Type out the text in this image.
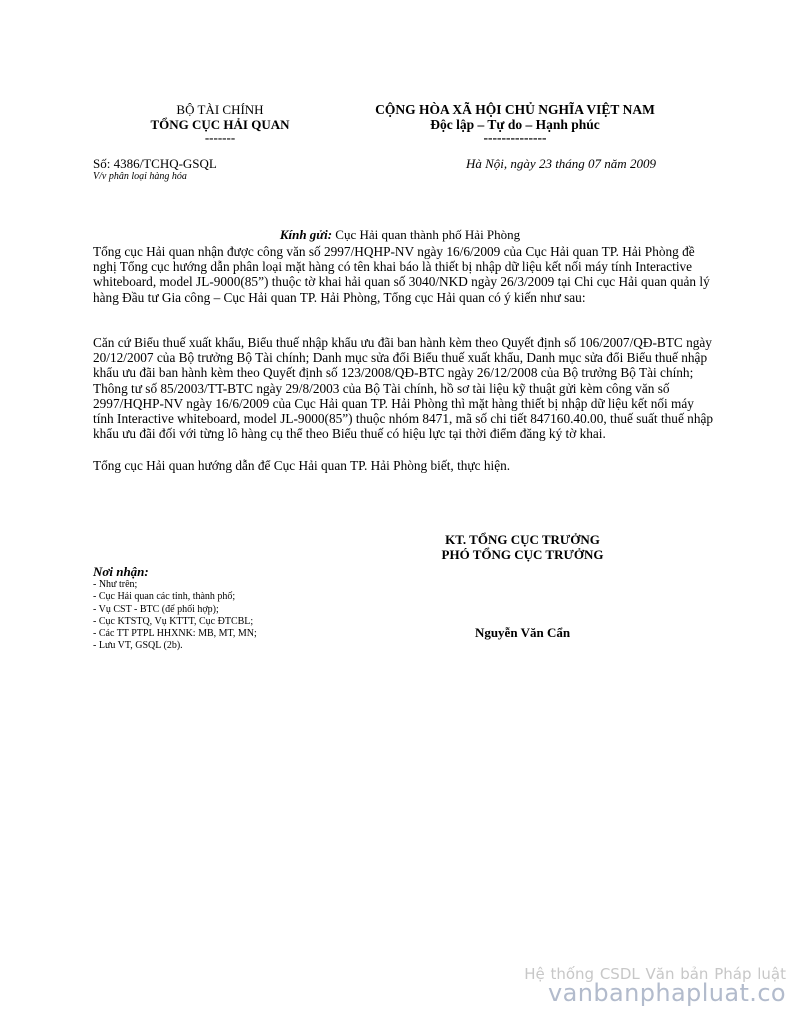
BỘ TÀI CHÍNH
TỔNG CỤC HẢI QUAN
-------
CỘNG HÒA XÃ HỘI CHỦ NGHĨA VIỆT NAM
Độc lập – Tự do – Hạnh phúc
--------------
Số: 4386/TCHQ-GSQL
V/v phân loại hàng hóa
Hà Nội, ngày 23 tháng 07 năm 2009
Kính gửi: Cục Hải quan thành phố Hải Phòng

Tổng cục Hải quan nhận được công văn số 2997/HQHP-NV ngày 16/6/2009 của Cục Hải quan TP. Hải Phòng đề

nghị Tổng cục hướng dẫn phân loại mặt hàng có tên khai báo là thiết bị nhập dữ liệu kết nối máy tính Interactive

whiteboard, model JL-9000(85”) thuộc tờ khai hải quan số 3040/NKD ngày 26/3/2009 tại Chi cục Hải quan quản lý

hàng Đầu tư Gia công – Cục Hải quan TP. Hải Phòng, Tổng cục Hải quan có ý kiến như sau:

Căn cứ Biểu thuế xuất khẩu, Biểu thuế nhập khẩu ưu đãi ban hành kèm theo Quyết định số 106/2007/QĐ-BTC ngày

20/12/2007 của Bộ trưởng Bộ Tài chính; Danh mục sửa đổi Biểu thuế xuất khẩu, Danh mục sửa đổi Biểu thuế nhập

khẩu ưu đãi ban hành kèm theo Quyết định số 123/2008/QĐ-BTC ngày 26/12/2008 của Bộ trưởng Bộ Tài chính;

Thông tư số 85/2003/TT-BTC ngày 29/8/2003 của Bộ Tài chính, hồ sơ tài liệu kỹ thuật gửi kèm công văn số

2997/HQHP-NV ngày 16/6/2009 của Cục Hải quan TP. Hải Phòng thì mặt hàng thiết bị nhập dữ liệu kết nối máy

tính Interactive whiteboard, model JL-9000(85”) thuộc nhóm 8471, mã số chi tiết 847160.40.00, thuế suất thuế nhập

khẩu ưu đãi đối với từng lô hàng cụ thể theo Biểu thuế có hiệu lực tại thời điểm đăng ký tờ khai.

Tổng cục Hải quan hướng dẫn để Cục Hải quan TP. Hải Phòng biết, thực hiện.
KT. TỔNG CỤC TRƯỞNG
PHÓ TỔNG CỤC TRƯỞNG
Nguyễn Văn Cẩn
Nơi nhận:
- Như trên;
- Cục Hải quan các tỉnh, thành phố;
- Vụ CST - BTC (để phối hợp);
- Cục KTSTQ, Vụ KTTT, Cục ĐTCBL;
- Các TT PTPL HHXNK: MB, MT, MN;
- Lưu VT, GSQL (2b).
Hệ thống CSDL Văn bản Pháp luật
vanbanphapluat.co
